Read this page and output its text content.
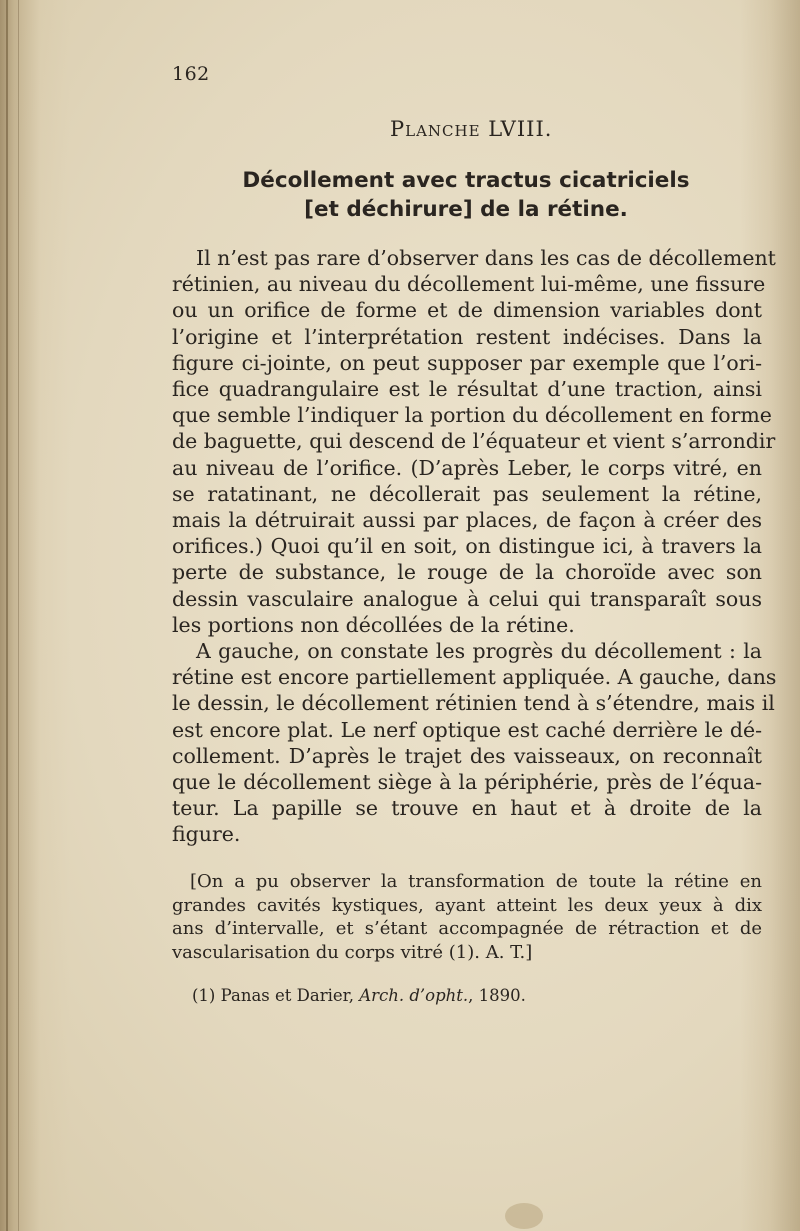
162
Planche LVIII.
Décollement avec tractus cicatriciels
[et déchirure] de la rétine.
Il n’est pas rare d’observer dans les cas de décollement
rétinien, au niveau du décollement lui-même, une fissure
ou un orifice de forme et de dimension variables dont
l’origine et l’interprétation restent indécises. Dans la
figure ci-jointe, on peut supposer par exemple que l’ori-
fice quadrangulaire est le résultat d’une traction, ainsi
que semble l’indiquer la portion du décollement en forme
de baguette, qui descend de l’équateur et vient s’arrondir
au niveau de l’orifice. (D’après Leber, le corps vitré, en
se ratatinant, ne décollerait pas seulement la rétine,
mais la détruirait aussi par places, de façon à créer des
orifices.) Quoi qu’il en soit, on distingue ici, à travers la
perte de substance, le rouge de la choroïde avec son
dessin vasculaire analogue à celui qui transparaît sous
les portions non décollées de la rétine.
A gauche, on constate les progrès du décollement : la
rétine est encore partiellement appliquée. A gauche, dans
le dessin, le décollement rétinien tend à s’étendre, mais il
est encore plat. Le nerf optique est caché derrière le dé-
collement. D’après le trajet des vaisseaux, on reconnaît
que le décollement siège à la périphérie, près de l’équa-
teur. La papille se trouve en haut et à droite de la
figure.
[On a pu observer la transformation de toute la rétine en
grandes cavités kystiques, ayant atteint les deux yeux à dix
ans d’intervalle, et s’étant accompagnée de rétraction et de
vascularisation du corps vitré (1). A. T.]
(1) Panas et Darier, Arch. d’opht., 1890.
